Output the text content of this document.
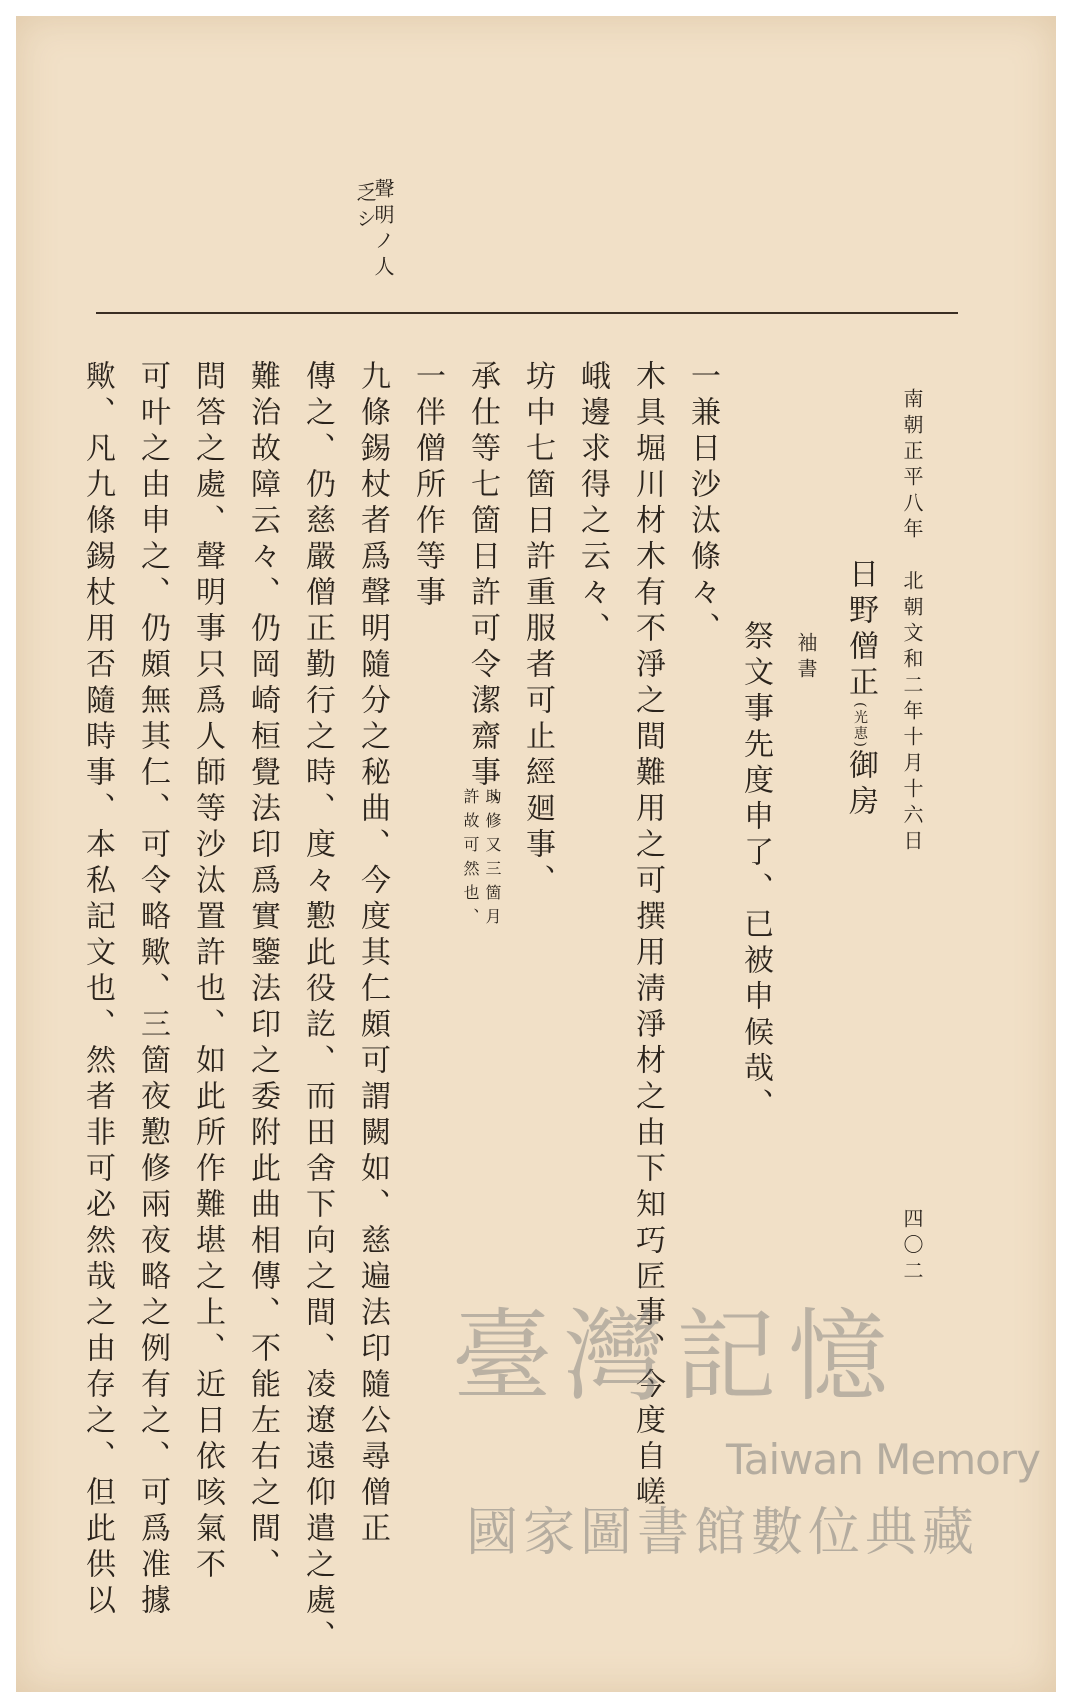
南朝正平八年　北朝文和二年十月十六日
四〇二
聲明ノ人
乏シ
日野僧正(光恵)御房
袖書
祭文事先度申了、已被申候哉、
一兼日沙汰條々、
木具堀川材木有不淨之間難用之可撰用淸淨材之由下知巧匠事、今度自嵯
峨邊求得之云々、
坊中七箇日許重服者可止經廻事、
承仕等七箇日許可令潔齋事、
助修又三箇月
許故可然也、
一伴僧所作等事
九條錫杖者爲聲明隨分之秘曲、今度其仁頗可謂闕如、慈遍法印隨公尋僧正
傳之、仍慈嚴僧正勤行之時、度々懃此役訖、而田舍下向之間、凌遼遠仰遣之處、
難治故障云々、仍岡崎桓覺法印爲實鑒法印之委附此曲相傳、不能左右之間、
問答之處、聲明事只爲人師等沙汰置許也、如此所作難堪之上、近日依咳氣不
可叶之由申之、仍頗無其仁、可令略歟、三箇夜懃修兩夜略之例有之、可爲准據
歟、凡九條錫杖用否隨時事、本私記文也、然者非可必然哉之由存之、但此供以	臺灣記憶
Taiwan Memory
國家圖書館數位典藏
